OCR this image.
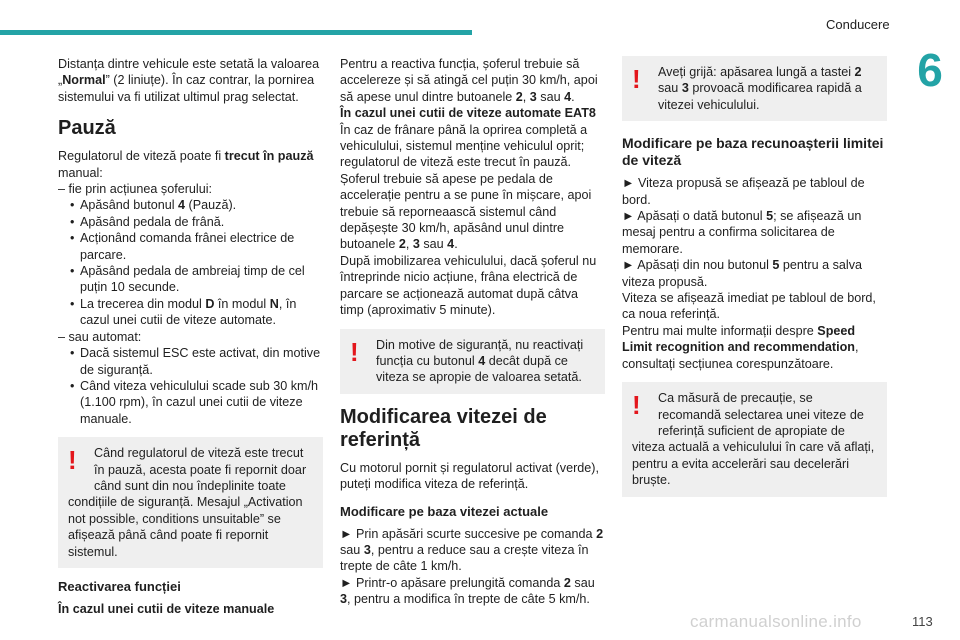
Conducere
6

Distanța dintre vehicule este setată la valoarea „Normal” (2 liniuțe). În caz contrar, la pornirea sistemului va fi utilizat ultimul prag selectat.

Pauză

Regulatorul de viteză poate fi trecut în pauză manual:

– fie prin acțiunea șoferului:

• Apăsând butonul 4 (Pauză).
• Apăsând pedala de frână.
• Acționând comanda frânei electrice de parcare.
• Apăsând pedala de ambreiaj timp de cel puțin 10 secunde.
• La trecerea din modul D în modul N, în cazul unei cutii de viteze automate.

– sau automat:

• Dacă sistemul ESC este activat, din motive de siguranță.
• Când viteza vehiculului scade sub 30 km/h (1.100 rpm), în cazul unei cutii de viteze manuale.
!	Când regulatorul de viteză este trecut în pauză, acesta poate fi repornit doar când sunt din nou îndeplinite toate condițiile de siguranță. Mesajul „Activation not possible, conditions unsuitable” se afișează până când poate fi repornit sistemul.
Reactivarea funcției

În cazul unei cutii de viteze manuale

Pentru a reactiva funcția, șoferul trebuie să accelereze și să atingă cel puțin 30 km/h, apoi să apese unul dintre butoanele 2, 3 sau 4.

În cazul unei cutii de viteze automate EAT8

În caz de frânare până la oprirea completă a vehiculului, sistemul menține vehiculul oprit; regulatorul de viteză este trecut în pauză.
Șoferul trebuie să apese pe pedala de accelerație pentru a se pune în mișcare, apoi trebuie să reporneaască sistemul când depășește 30 km/h, apăsând unul dintre butoanele 2, 3 sau 4.

După imobilizarea vehiculului, dacă șoferul nu întreprinde nicio acțiune, frâna electrică de parcare se acționează automat după câtva timp (aproximativ 5 minute).

!	Din motive de siguranță, nu reactivați funcția cu butonul 4 decât după ce viteza se apropie de valoarea setată.
Modificarea vitezei de referință

Cu motorul pornit și regulatorul activat (verde), puteți modifica viteza de referință.

Modificare pe baza vitezei actuale

► Prin apăsări scurte succesive pe comanda 2 sau 3, pentru a reduce sau a crește viteza în trepte de câte 1 km/h.

► Printr-o apăsare prelungită comanda 2 sau 3, pentru a modifica în trepte de câte 5 km/h.

!	Aveți grijă: apăsarea lungă a tastei 2 sau 3 provoacă modificarea rapidă a vitezei vehiculului.
Modificare pe baza recunoașterii limitei de viteză

► Viteza propusă se afișează pe tabloul de bord.

► Apăsați o dată butonul 5; se afișează un mesaj pentru a confirma solicitarea de memorare.

► Apăsați din nou butonul 5 pentru a salva viteza propusă.

Viteza se afișează imediat pe tabloul de bord, ca noua referință.

Pentru mai multe informații despre Speed Limit recognition and recommendation, consultați secțiunea corespunzătoare.

!	Ca măsură de precauție, se recomandă selectarea unei viteze de referință suficient de apropiate de viteza actuală a vehiculului în care vă aflați, pentru a evita accelerări sau decelerări bruște.
carmanualsonline.info	113
